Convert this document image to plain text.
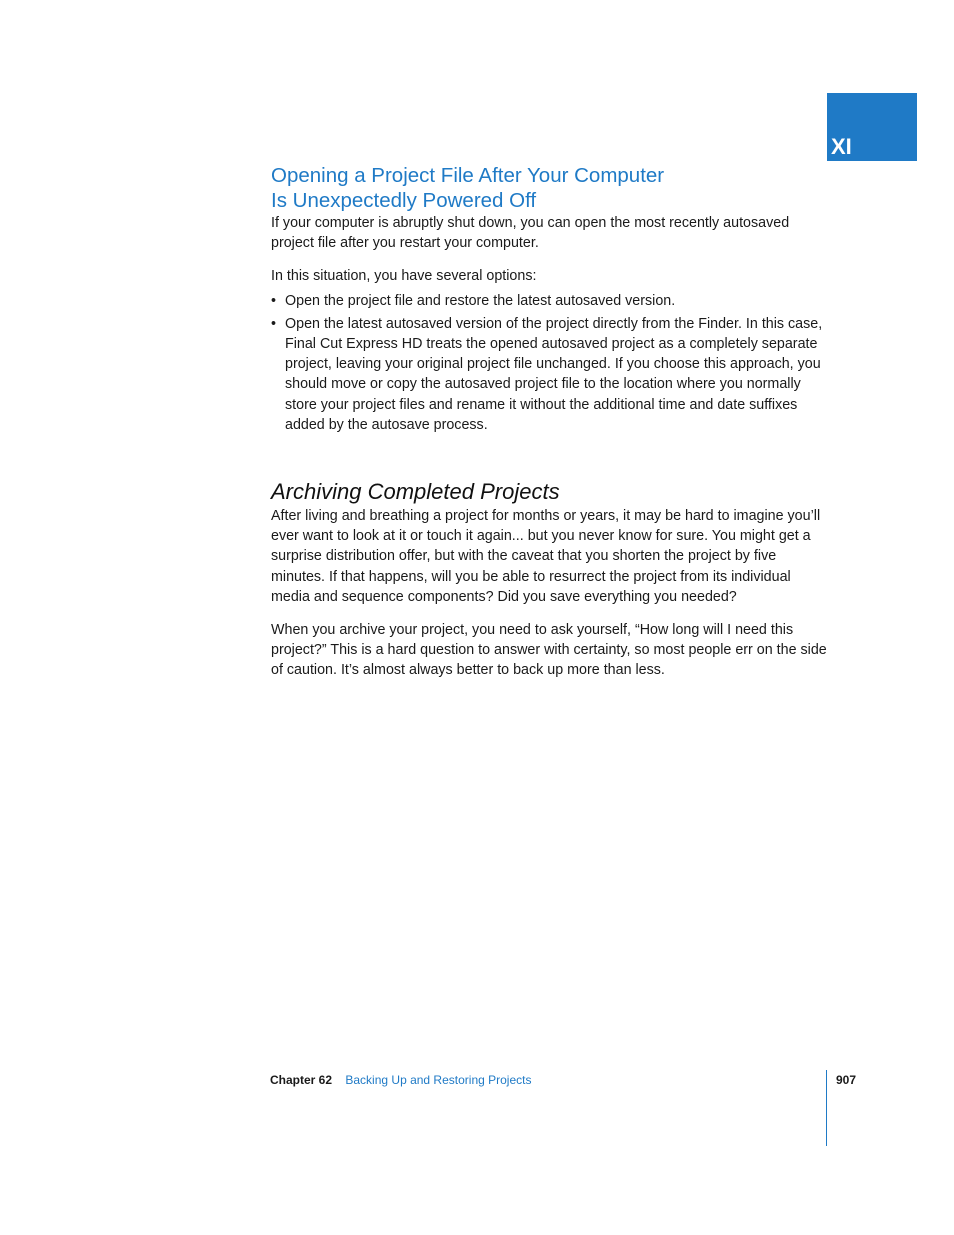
XI
Opening a Project File After Your Computer
Is Unexpectedly Powered Off

If your computer is abruptly shut down, you can open the most recently autosaved project file after you restart your computer.

In this situation, you have several options:

• Open the project file and restore the latest autosaved version.
• Open the latest autosaved version of the project directly from the Finder. In this case, Final Cut Express HD treats the opened autosaved project as a completely separate project, leaving your original project file unchanged. If you choose this approach, you should move or copy the autosaved project file to the location where you normally store your project files and rename it without the additional time and date suffixes added by the autosave process.
Archiving Completed Projects

After living and breathing a project for months or years, it may be hard to imagine you’ll ever want to look at it or touch it again... but you never know for sure. You might get a surprise distribution offer, but with the caveat that you shorten the project by five minutes. If that happens, will you be able to resurrect the project from its individual media and sequence components? Did you save everything you needed?

When you archive your project, you need to ask yourself, “How long will I need this project?” This is a hard question to answer with certainty, so most people err on the side of caution. It’s almost always better to back up more than less.

Chapter 62 Backing Up and Restoring Projects	907
